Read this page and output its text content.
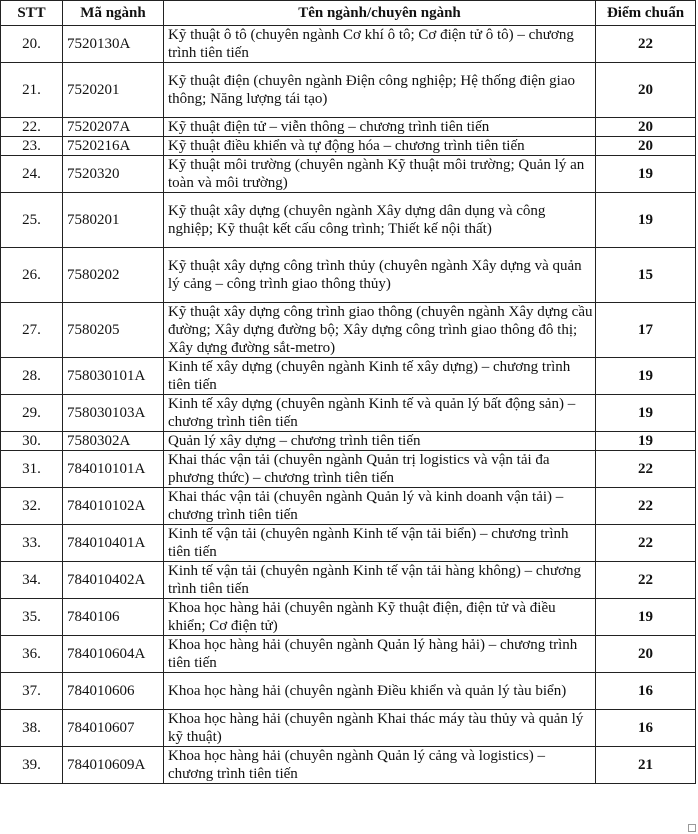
STT	Mã ngành	Tên ngành/chuyên ngành	Điểm chuẩn
20.	7520130A	Kỹ thuật ô tô (chuyên ngành Cơ khí ô tô; Cơ điện tử ô tô) – chương trình tiên tiến	22
21.	7520201	Kỹ thuật điện (chuyên ngành Điện công nghiệp; Hệ thống điện giao thông; Năng lượng tái tạo)	20
22.	7520207A	Kỹ thuật điện tử – viễn thông – chương trình tiên tiến	20
23.	7520216A	Kỹ thuật điều khiển và tự động hóa – chương trình tiên tiến	20
24.	7520320	Kỹ thuật môi trường (chuyên ngành Kỹ thuật môi trường; Quản lý an toàn và môi trường)	19
25.	7580201	Kỹ thuật xây dựng (chuyên ngành Xây dựng dân dụng và công nghiệp; Kỹ thuật kết cấu công trình; Thiết kế nội thất)	19
26.	7580202	Kỹ thuật xây dựng công trình thủy (chuyên ngành Xây dựng và quản lý cảng – công trình giao thông thủy)	15
27.	7580205	Kỹ thuật xây dựng công trình giao thông (chuyên ngành Xây dựng cầu đường; Xây dựng đường bộ; Xây dựng công trình giao thông đô thị; Xây dựng đường sắt-metro)	17
28.	758030101A	Kinh tế xây dựng (chuyên ngành Kinh tế xây dựng) – chương trình tiên tiến	19
29.	758030103A	Kinh tế xây dựng (chuyên ngành Kinh tế và quản lý bất động sản) – chương trình tiên tiến	19
30.	7580302A	Quản lý xây dựng – chương trình tiên tiến	19
31.	784010101A	Khai thác vận tải (chuyên ngành Quản trị logistics và vận tải đa phương thức) – chương trình tiên tiến	22
32.	784010102A	Khai thác vận tải (chuyên ngành Quản lý và kinh doanh vận tải) – chương trình tiên tiến	22
33.	784010401A	Kinh tế vận tải (chuyên ngành Kinh tế vận tải biển) – chương trình tiên tiến	22
34.	784010402A	Kinh tế vận tải (chuyên ngành Kinh tế vận tải hàng không) – chương trình tiên tiến	22
35.	7840106	Khoa học hàng hải (chuyên ngành Kỹ thuật điện, điện tử và điều khiển; Cơ điện tử)	19
36.	784010604A	Khoa học hàng hải (chuyên ngành Quản lý hàng hải) – chương trình tiên tiến	20
37.	784010606	Khoa học hàng hải (chuyên ngành Điều khiển và quản lý tàu biển)	16
38.	784010607	Khoa học hàng hải (chuyên ngành Khai thác máy tàu thủy và quản lý kỹ thuật)	16
39.	784010609A	Khoa học hàng hải (chuyên ngành Quản lý cảng và logistics) – chương trình tiên tiến	21
